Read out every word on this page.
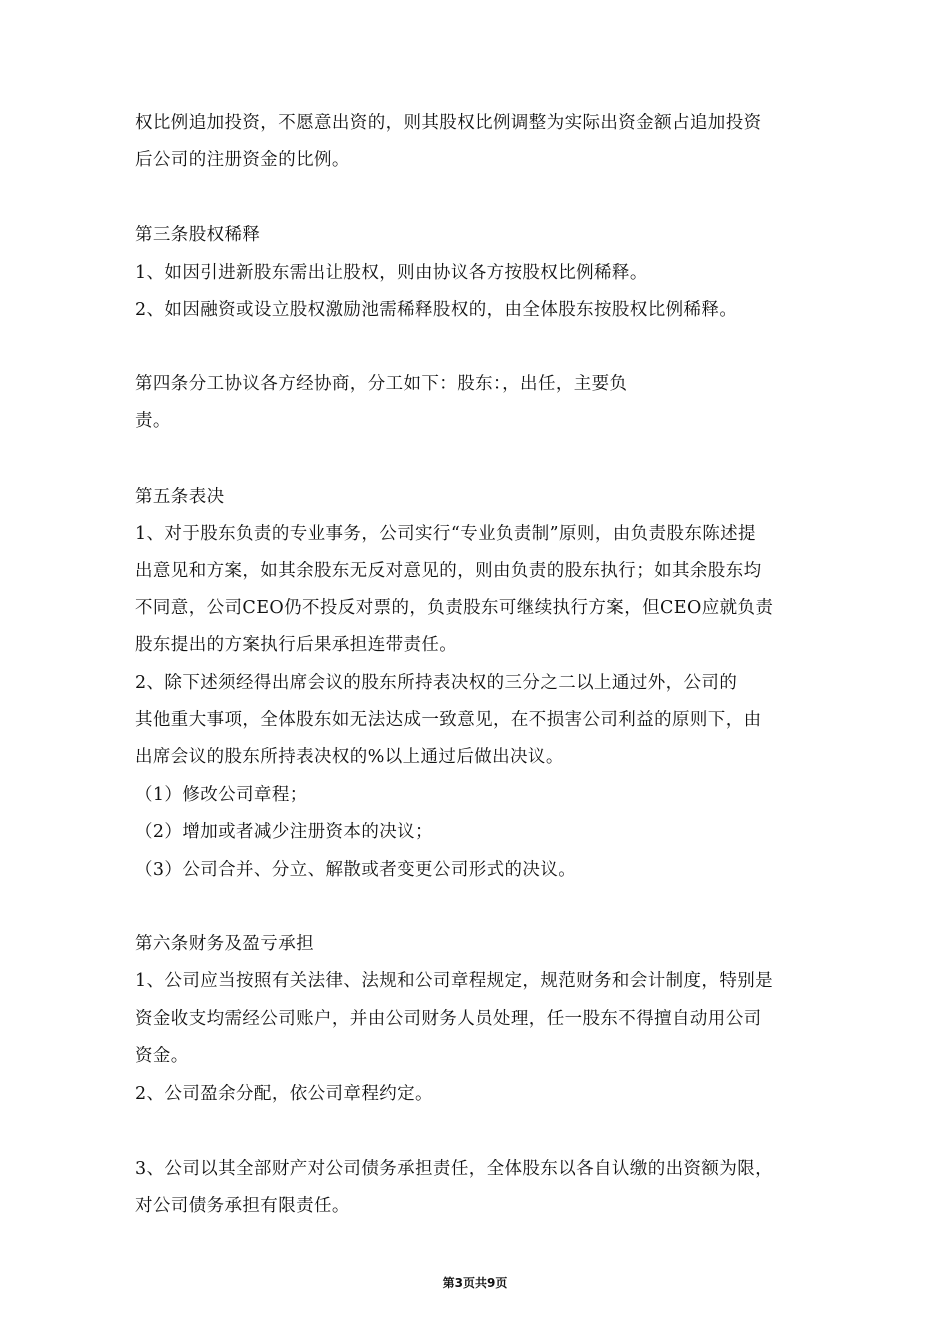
权比例追加投资，不愿意出资的，则其股权比例调整为实际出资金额占追加投资
后公司的注册资金的比例。
第三条股权稀释
1、如因引进新股东需出让股权，则由协议各方按股权比例稀释。
2、如因融资或设立股权激励池需稀释股权的，由全体股东按股权比例稀释。
第四条分工协议各方经协商，分工如下：股东：，出任，主要负
责。
第五条表决
1、对于股东负责的专业事务，公司实行“专业负责制”原则，由负责股东陈述提
出意见和方案，如其余股东无反对意见的，则由负责的股东执行；如其余股东均
不同意，公司CEO仍不投反对票的，负责股东可继续执行方案，但CEO应就负责
股东提出的方案执行后果承担连带责任。
2、除下述须经得出席会议的股东所持表决权的三分之二以上通过外，公司的
其他重大事项，全体股东如无法达成一致意见，在不损害公司利益的原则下，由
出席会议的股东所持表决权的%以上通过后做出决议。
（1）修改公司章程；
（2）增加或者减少注册资本的决议；
（3）公司合并、分立、解散或者变更公司形式的决议。
第六条财务及盈亏承担
1、公司应当按照有关法律、法规和公司章程规定，规范财务和会计制度，特别是
资金收支均需经公司账户，并由公司财务人员处理，任一股东不得擅自动用公司
资金。
2、公司盈余分配，依公司章程约定。
3、公司以其全部财产对公司债务承担责任，全体股东以各自认缴的出资额为限，
对公司债务承担有限责任。
第3页共9页
